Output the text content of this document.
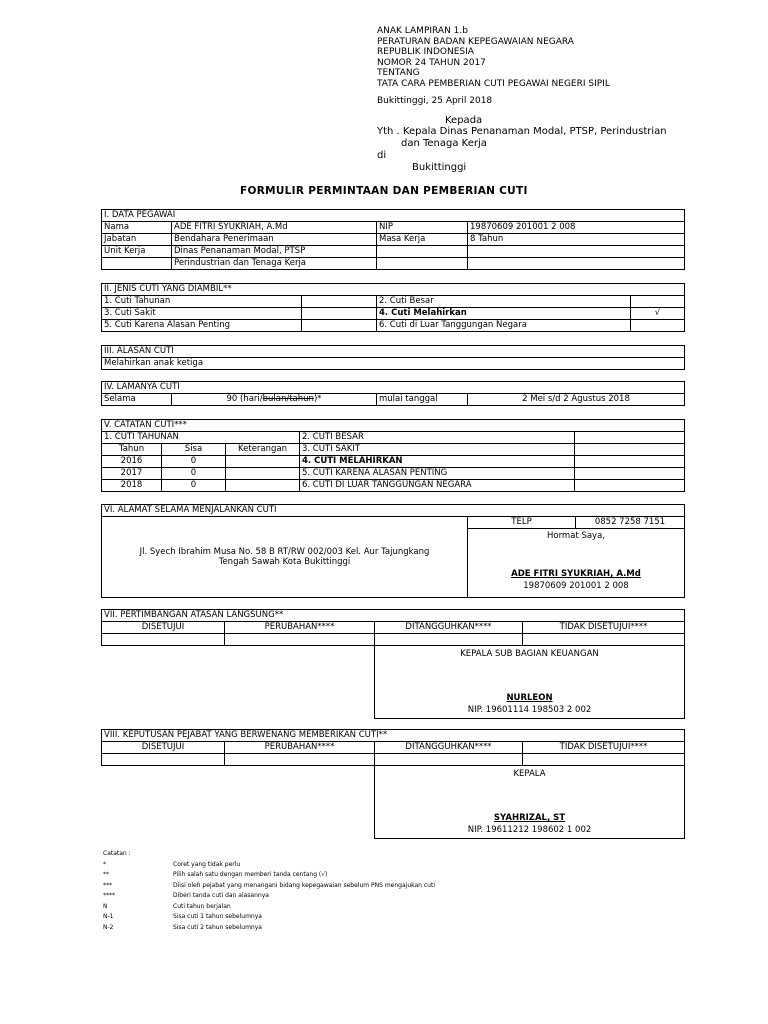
ANAK LAMPIRAN 1.b
PERATURAN BADAN KEPEGAWAIAN NEGARA
REPUBLIK INDONESIA
NOMOR 24 TAHUN 2017
TENTANG
TATA CARA PEMBERIAN CUTI PEGAWAI NEGERI SIPIL
Bukittinggi, 25 April 2018
Kepada
Yth . Kepala Dinas Penanaman Modal, PTSP, Perindustrian
dan Tenaga Kerja
di
Bukittinggi
FORMULIR PERMINTAAN DAN PEMBERIAN CUTI
I. DATA PEGAWAI			
Nama	ADE FITRI SYUKRIAH, A.Md	NIP	19870609 201001 2 008
Jabatan	Bendahara Penerimaan	Masa Kerja	8 Tahun
Unit Kerja	Dinas Penanaman Modal, PTSP		
	Perindustrian dan Tenaga Kerja		
II. JENIS CUTI YANG DIAMBIL**			
1. Cuti Tahunan		2. Cuti Besar	
3. Cuti Sakit		4. Cuti Melahirkan	√
5. Cuti Karena Alasan Penting		6. Cuti di Luar Tanggungan Negara	
III. ALASAN CUTI
Melahirkan anak ketiga
IV. LAMANYA CUTI
Selama	90 (hari/bulan/tahun)*	mulai tanggal	2 Mei s/d 2 Agustus 2018
V. CATATAN CUTI***				
1. CUTI TAHUNAN			2. CUTI BESAR	
Tahun	Sisa	Keterangan	3. CUTI SAKIT	
2016	0		4. CUTI MELAHIRKAN	
2017	0		5. CUTI KARENA ALASAN PENTING	
2018	0		6. CUTI DI LUAR TANGGUNGAN NEGARA	
VI. ALAMAT SELAMA MENJALANKAN CUTI

Jl. Syech Ibrahim Musa No. 58 B RT/RW 002/003 Kel. Aur Tajungkang
Tengah Sawah Kota Bukittinggi
	TELP	0852 7258 7151

Hormat Saya,
ADE FITRI SYUKRIAH, A.Md
19870609 201001 2 008
VII. PERTIMBANGAN ATASAN LANGSUNG**			
DISETUJUI	PERUBAHAN****	DITANGGUHKAN****	TIDAK DISETUJUI****

		KEPALA SUB BAGIAN KEUANGAN
NURLEON
NIP. 19601114 198503 2 002	
VIII. KEPUTUSAN PEJABAT YANG BERWENANG MEMBERIKAN CUTI**			
DISETUJUI	PERUBAHAN****	DITANGGUHKAN****	TIDAK DISETUJUI****

		KEPALA
SYAHRIZAL, ST
NIP. 19611212 198602 1 002	
Catatan :
*	Coret yang tidak perlu
**	Pilih salah satu dengan memberi tanda centang (√)
***	Diisi oleh pejabat yang menangani bidang kepegawaian sebelum PNS mengajukan cuti
****	Diberi tanda cuti dan alasannya
N	Cuti tahun berjalan
N-1	Sisa cuti 1 tahun sebelumnya
N-2	Sisa cuti 2 tahun sebelumnya
